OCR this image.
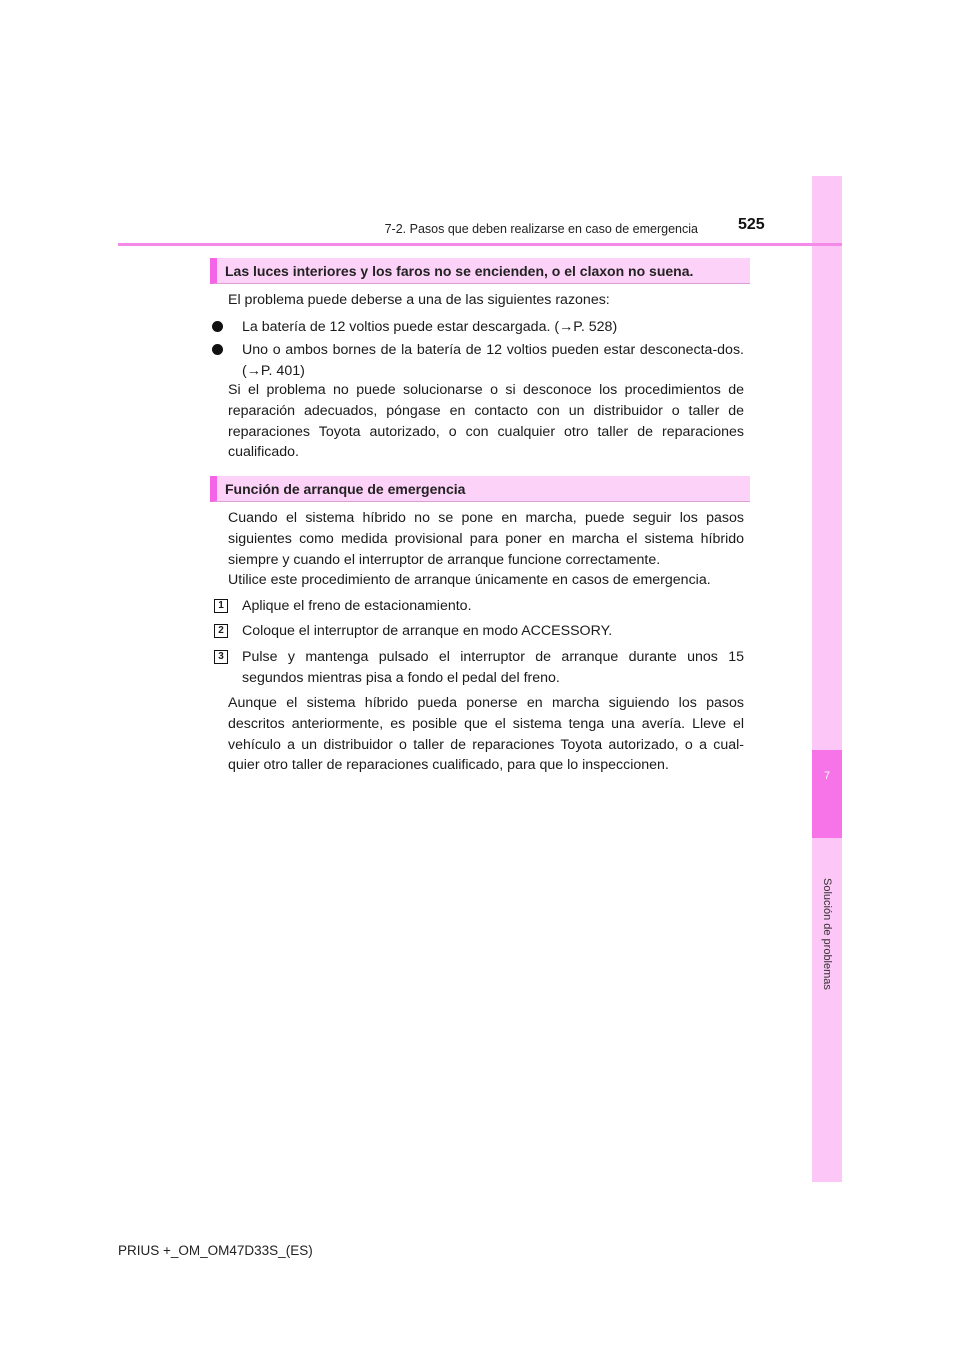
7
Solución de problemas
7-2. Pasos que deben realizarse en caso de emergencia	525
Las luces interiores y los faros no se encienden, o el claxon no suena.

El problema puede deberse a una de las siguientes razones:

La batería de 12 voltios puede estar descargada. (→P. 528)
Uno o ambos bornes de la batería de 12 voltios pueden estar desconecta-dos. (→P. 401)

Si el problema no puede solucionarse o si desconoce los procedimientos de reparación adecuados, póngase en contacto con un distribuidor o taller de reparaciones Toyota autorizado, o con cualquier otro taller de reparaciones cualificado.

Función de arranque de emergencia

Cuando el sistema híbrido no se pone en marcha, puede seguir los pasos siguientes como medida provisional para poner en marcha el sistema híbrido siempre y cuando el interruptor de arranque funcione correctamente.

Utilice este procedimiento de arranque únicamente en casos de emergencia.

1 Aplique el freno de estacionamiento.
2 Coloque el interruptor de arranque en modo ACCESSORY.
3 Pulse y mantenga pulsado el interruptor de arranque durante unos 15 segundos mientras pisa a fondo el pedal del freno.

Aunque el sistema híbrido pueda ponerse en marcha siguiendo los pasos descritos anteriormente, es posible que el sistema tenga una avería. Lleve el vehículo a un distribuidor o taller de reparaciones Toyota autorizado, o a cual-quier otro taller de reparaciones cualificado, para que lo inspeccionen.

PRIUS +_OM_OM47D33S_(ES)
